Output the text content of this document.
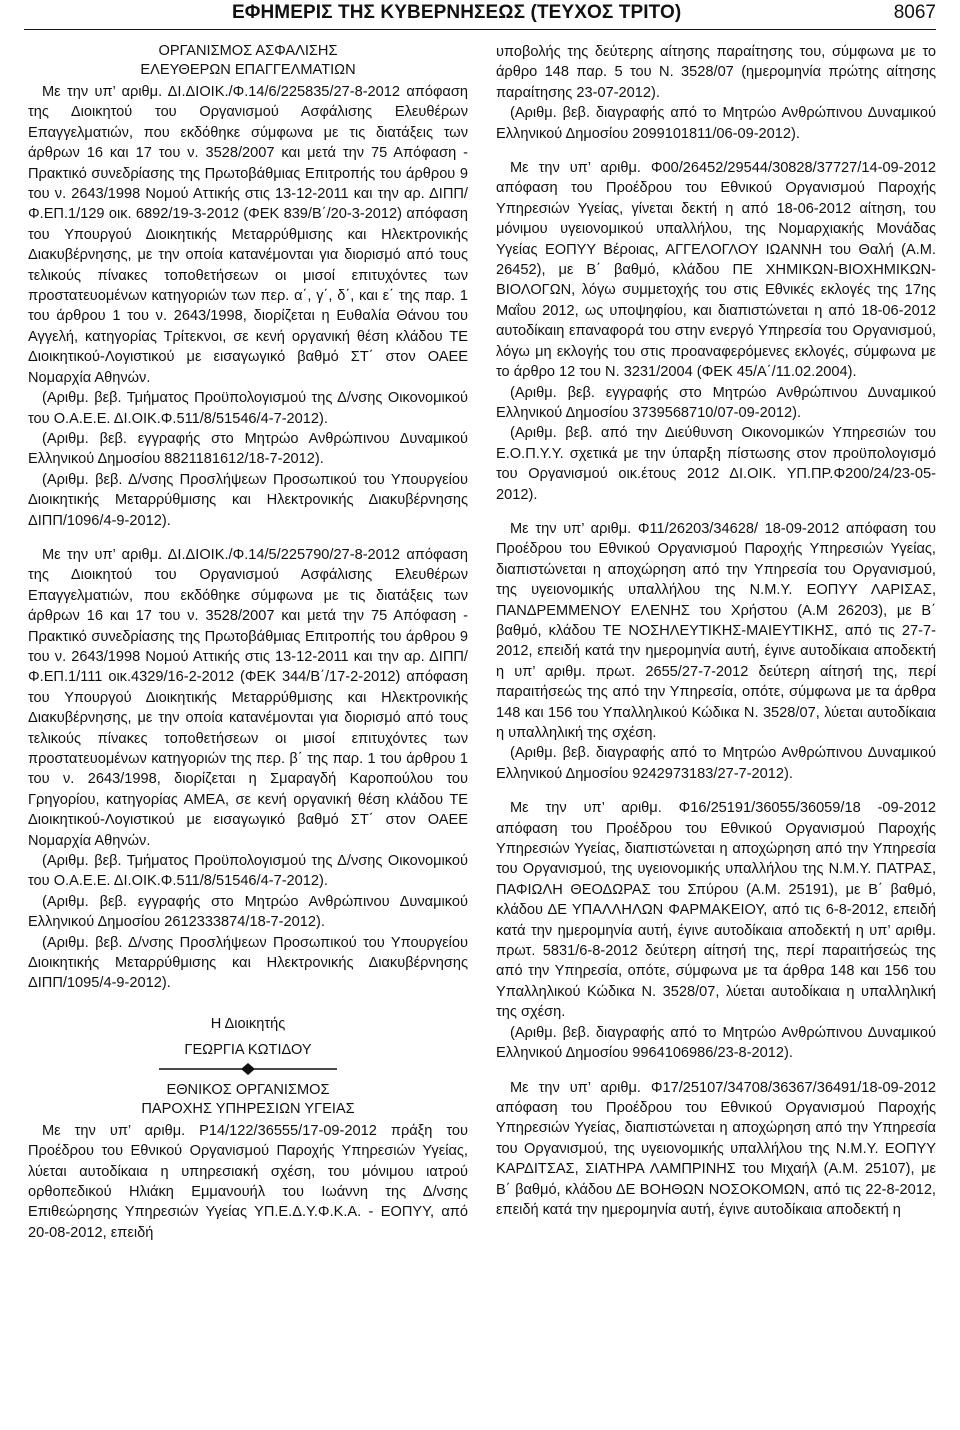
ΕΦΗΜΕΡΙΣ ΤΗΣ ΚΥΒΕΡΝΗΣΕΩΣ (ΤΕΥΧΟΣ ΤΡΙΤΟ)	8067
ΟΡΓΑΝΙΣΜΟΣ ΑΣΦΑΛΙΣΗΣ
ΕΛΕΥΘΕΡΩΝ ΕΠΑΓΓΕΛΜΑΤΙΩΝ

Με την υπ’ αριθμ. ΔΙ.ΔΙΟΙΚ./Φ.14/6/225835/27-8-2012 απόφαση της Διοικητού του Οργανισμού Ασφάλισης Ελευθέρων Επαγγελματιών, που εκδόθηκε σύμφωνα με τις διατάξεις των άρθρων 16 και 17 του ν. 3528/2007 και μετά την 75 Απόφαση - Πρακτικό συνεδρίασης της Πρωτοβάθμιας Επιτροπής του άρθρου 9 του ν. 2643/1998 Νομού Αττικής στις 13-12-2011 και την αρ. ΔΙΠΠ/Φ.ΕΠ.1/129 οικ. 6892/19-3-2012 (ΦΕΚ 839/Β΄/20-3-2012) απόφαση του Υπουργού Διοικητικής Μεταρρύθμισης και Ηλεκτρονικής Διακυβέρνησης, με την οποία κατανέμονται για διορισμό από τους τελικούς πίνακες τοποθετήσεων οι μισοί επιτυχόντες των προστατευομένων κατηγοριών των περ. α΄, γ΄, δ΄, και ε΄ της παρ. 1 του άρθρου 1 του ν. 2643/1998, διορίζεται η Ευθαλία Θάνου του Αγγελή, κατηγορίας Τρίτεκνοι, σε κενή οργανική θέση κλάδου ΤΕ Διοικητικού-Λογιστικού με εισαγωγικό βαθμό ΣΤ΄ στον ΟΑΕΕ Νομαρχία Αθηνών.

(Αριθμ. βεβ. Τμήματος Προϋπολογισμού της Δ/νσης Οικονομικού του Ο.Α.Ε.Ε. ΔΙ.ΟΙΚ.Φ.511/8/51546/4-7-2012).

(Αριθμ. βεβ. εγγραφής στο Μητρώο Ανθρώπινου Δυναμικού Ελληνικού Δημοσίου 8821181612/18-7-2012).

(Αριθμ. βεβ. Δ/νσης Προσλήψεων Προσωπικού του Υπουργείου Διοικητικής Μεταρρύθμισης και Ηλεκτρονικής Διακυβέρνησης ΔΙΠΠ/1096/4-9-2012).

Με την υπ’ αριθμ. ΔΙ.ΔΙΟΙΚ./Φ.14/5/225790/27-8-2012 απόφαση της Διοικητού του Οργανισμού Ασφάλισης Ελευθέρων Επαγγελματιών, που εκδόθηκε σύμφωνα με τις διατάξεις των άρθρων 16 και 17 του ν. 3528/2007 και μετά την 75 Απόφαση - Πρακτικό συνεδρίασης της Πρωτοβάθμιας Επιτροπής του άρθρου 9 του ν. 2643/1998 Νομού Αττικής στις 13-12-2011 και την αρ. ΔΙΠΠ/Φ.ΕΠ.1/111 οικ.4329/16-2-2012 (ΦΕΚ 344/Β΄/17-2-2012) απόφαση του Υπουργού Διοικητικής Μεταρρύθμισης και Ηλεκτρονικής Διακυβέρνησης, με την οποία κατανέμονται για διορισμό από τους τελικούς πίνακες τοποθετήσεων οι μισοί επιτυχόντες των προστατευομένων κατηγοριών της περ. β΄ της παρ. 1 του άρθρου 1 του ν. 2643/1998, διορίζεται η Σμαραγδή Καροπούλου του Γρηγορίου, κατηγορίας ΑΜΕΑ, σε κενή οργανική θέση κλάδου ΤΕ Διοικητικού-Λογιστικού με εισαγωγικό βαθμό ΣΤ΄ στον ΟΑΕΕ Νομαρχία Αθηνών.

(Αριθμ. βεβ. Τμήματος Προϋπολογισμού της Δ/νσης Οικονομικού του Ο.Α.Ε.Ε. ΔΙ.ΟΙΚ.Φ.511/8/51546/4-7-2012).

(Αριθμ. βεβ. εγγραφής στο Μητρώο Ανθρώπινου Δυναμικού Ελληνικού Δημοσίου 2612333874/18-7-2012).

(Αριθμ. βεβ. Δ/νσης Προσλήψεων Προσωπικού του Υπουργείου Διοικητικής Μεταρρύθμισης και Ηλεκτρονικής Διακυβέρνησης ΔΙΠΠ/1095/4-9-2012).

Η Διοικητής
ΓΕΩΡΓΙΑ ΚΩΤΙΔΟΥ
ΕΘΝΙΚΟΣ ΟΡΓΑΝΙΣΜΟΣ
ΠΑΡΟΧΗΣ ΥΠΗΡΕΣΙΩΝ ΥΓΕΙΑΣ

Με την υπ’ αριθμ. Ρ14/122/36555/17-09-2012 πράξη του Προέδρου του Εθνικού Οργανισμού Παροχής Υπηρεσιών Υγείας, λύεται αυτοδίκαια η υπηρεσιακή σχέση, του μόνιμου ιατρού ορθοπεδικού Ηλιάκη Εμμανουήλ του Ιωάννη της Δ/νσης Επιθεώρησης Υπηρεσιών Υγείας ΥΠ.Ε.Δ.Υ.Φ.Κ.Α. - ΕΟΠΥΥ, από 20-08-2012, επειδή

υποβολής της δεύτερης αίτησης παραίτησης του, σύμφωνα με το άρθρο 148 παρ. 5 του Ν. 3528/07 (ημερομηνία πρώτης αίτησης παραίτησης 23-07-2012).

(Αριθμ. βεβ. διαγραφής από το Μητρώο Ανθρώπινου Δυναμικού Ελληνικού Δημοσίου 2099101811/06-09-2012).

Με την υπ’ αριθμ. Φ00/26452/29544/30828/37727/14-09-2012 απόφαση του Προέδρου του Εθνικού Οργανισμού Παροχής Υπηρεσιών Υγείας, γίνεται δεκτή η από 18-06-2012 αίτηση, του μόνιμου υγειονομικού υπαλλήλου, της Νομαρχιακής Μονάδας Υγείας ΕΟΠΥΥ Βέροιας, ΑΓΓΕΛΟΓΛΟΥ ΙΩΑΝΝΗ του Θαλή (Α.Μ. 26452), με Β΄ βαθμό, κλάδου ΠΕ ΧΗΜΙΚΩΝ-ΒΙΟΧΗΜΙΚΩΝ-ΒΙΟΛΟΓΩΝ, λόγω συμμετοχής του στις Εθνικές εκλογές της 17ης Μαΐου 2012, ως υποψηφίου, και διαπιστώνεται η από 18-06-2012 αυτοδίκαιη επαναφορά του στην ενεργό Υπηρεσία του Οργανισμού, λόγω μη εκλογής του στις προαναφερόμενες εκλογές, σύμφωνα με το άρθρο 12 του Ν. 3231/2004 (ΦΕΚ 45/Α΄/11.02.2004).

(Αριθμ. βεβ. εγγραφής στο Μητρώο Ανθρώπινου Δυναμικού Ελληνικού Δημοσίου 3739568710/07-09-2012).

(Αριθμ. βεβ. από την Διεύθυνση Οικονομικών Υπηρεσιών του Ε.Ο.Π.Υ.Υ. σχετικά με την ύπαρξη πίστωσης στον προϋπολογισμό του Οργανισμού οικ.έτους 2012 ΔΙ.ΟΙΚ. ΥΠ.ΠΡ.Φ200/24/23-05-2012).

Με την υπ’ αριθμ. Φ11/26203/34628/ 18-09-2012 απόφαση του Προέδρου του Εθνικού Οργανισμού Παροχής Υπηρεσιών Υγείας, διαπιστώνεται η αποχώρηση από την Υπηρεσία του Οργανισμού, της υγειονομικής υπαλλήλου της Ν.Μ.Υ. ΕΟΠΥΥ ΛΑΡΙΣΑΣ, ΠΑΝΔΡΕΜΜΕΝΟΥ ΕΛΕΝΗΣ του Χρήστου (Α.Μ 26203), με Β΄ βαθμό, κλάδου ΤΕ ΝΟΣΗΛΕΥΤΙΚΗΣ-ΜΑΙΕΥΤΙΚΗΣ, από τις 27-7-2012, επειδή κατά την ημερομηνία αυτή, έγινε αυτοδίκαια αποδεκτή η υπ’ αριθμ. πρωτ. 2655/27-7-2012 δεύτερη αίτησή της, περί παραιτήσεώς της από την Υπηρεσία, οπότε, σύμφωνα με τα άρθρα 148 και 156 του Υπαλληλικού Κώδικα Ν. 3528/07, λύεται αυτοδίκαια η υπαλληλική της σχέση.

(Αριθμ. βεβ. διαγραφής από το Μητρώο Ανθρώπινου Δυναμικού Ελληνικού Δημοσίου 9242973183/27-7-2012).

Με την υπ’ αριθμ. Φ16/25191/36055/36059/18 -09-2012 απόφαση του Προέδρου του Εθνικού Οργανισμού Παροχής Υπηρεσιών Υγείας, διαπιστώνεται η αποχώρηση από την Υπηρεσία του Οργανισμού, της υγειονομικής υπαλλήλου της Ν.Μ.Υ. ΠΑΤΡΑΣ, ΠΑΦΙΩΛΗ ΘΕΟΔΩΡΑΣ του Σπύρου (Α.Μ. 25191), με Β΄ βαθμό, κλάδου ΔΕ ΥΠΑΛΛΗΛΩΝ ΦΑΡΜΑΚΕΙΟΥ, από τις 6-8-2012, επειδή κατά την ημερομηνία αυτή, έγινε αυτοδίκαια αποδεκτή η υπ’ αριθμ. πρωτ. 5831/6-8-2012 δεύτερη αίτησή της, περί παραιτήσεώς της από την Υπηρεσία, οπότε, σύμφωνα με τα άρθρα 148 και 156 του Υπαλληλικού Κώδικα Ν. 3528/07, λύεται αυτοδίκαια η υπαλληλική της σχέση.

(Αριθμ. βεβ. διαγραφής από το Μητρώο Ανθρώπινου Δυναμικού Ελληνικού Δημοσίου 9964106986/23-8-2012).

Με την υπ’ αριθμ. Φ17/25107/34708/36367/36491/18-09-2012 απόφαση του Προέδρου του Εθνικού Οργανισμού Παροχής Υπηρεσιών Υγείας, διαπιστώνεται η αποχώρηση από την Υπηρεσία του Οργανισμού, της υγειονομικής υπαλλήλου της Ν.Μ.Υ. ΕΟΠΥΥ ΚΑΡΔΙΤΣΑΣ, ΣΙΑΤΗΡΑ ΛΑΜΠΡΙΝΗΣ του Μιχαήλ (Α.Μ. 25107), με Β΄ βαθμό, κλάδου ΔΕ ΒΟΗΘΩΝ ΝΟΣΟΚΟΜΩΝ, από τις 22-8-2012, επειδή κατά την ημερομηνία αυτή, έγινε αυτοδίκαια αποδεκτή η
